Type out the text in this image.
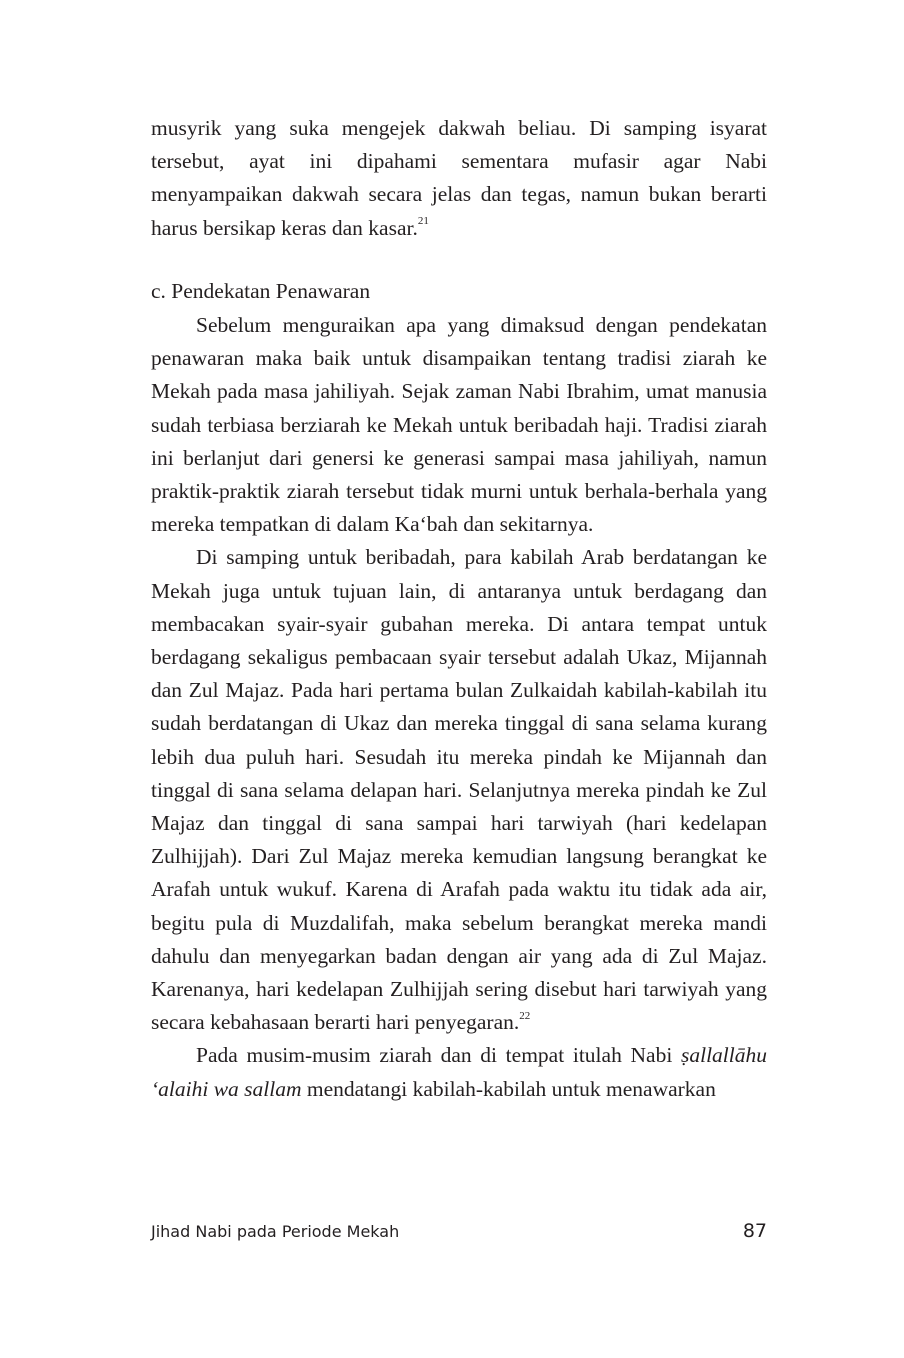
musyrik yang suka mengejek dakwah beliau. Di samping isyarat tersebut, ayat ini dipahami sementara mufasir agar Nabi menyampaikan dakwah secara jelas dan tegas, namun bukan berarti harus bersikap keras dan kasar.$^{21}$

c. Pendekatan Penawaran

Sebelum menguraikan apa yang dimaksud dengan pendekatan penawaran maka baik untuk disampaikan tentang tradisi ziarah ke Mekah pada masa jahiliyah. Sejak zaman Nabi Ibrahim, umat manusia sudah terbiasa berziarah ke Mekah untuk beribadah haji. Tradisi ziarah ini berlanjut dari genersi ke generasi sampai masa jahiliyah, namun praktik-praktik ziarah tersebut tidak murni untuk berhala-berhala yang mereka tempatkan di dalam Ka‘bah dan sekitarnya.

Di samping untuk beribadah, para kabilah Arab berdatangan ke Mekah juga untuk tujuan lain, di antaranya untuk berdagang dan membacakan syair-syair gubahan mereka. Di antara tempat untuk berdagang sekaligus pembacaan syair tersebut adalah Ukaz, Mijannah dan Zul Majaz. Pada hari pertama bulan Zulkaidah kabilah-kabilah itu sudah berdatangan di Ukaz dan mereka tinggal di sana selama kurang lebih dua puluh hari. Sesudah itu mereka pindah ke Mijannah dan tinggal di sana selama delapan hari. Selanjutnya mereka pindah ke Zul Majaz dan tinggal di sana sampai hari tarwiyah (hari kedelapan Zulhijjah). Dari Zul Majaz mereka kemudian langsung berangkat ke Arafah untuk wukuf. Karena di Arafah pada waktu itu tidak ada air, begitu pula di Muzdalifah, maka sebelum berangkat mereka mandi dahulu dan menyegarkan badan dengan air yang ada di Zul Majaz. Karenanya, hari kedelapan Zulhijjah sering disebut hari tarwiyah yang secara kebahasaan berarti hari penyegaran.$^{22}$

Pada musim-musim ziarah dan di tempat itulah Nabi ṣallallāhu ‘alaihi wa sallam mendatangi kabilah-kabilah untuk menawarkan

Jihad Nabi pada Periode Mekah	87
